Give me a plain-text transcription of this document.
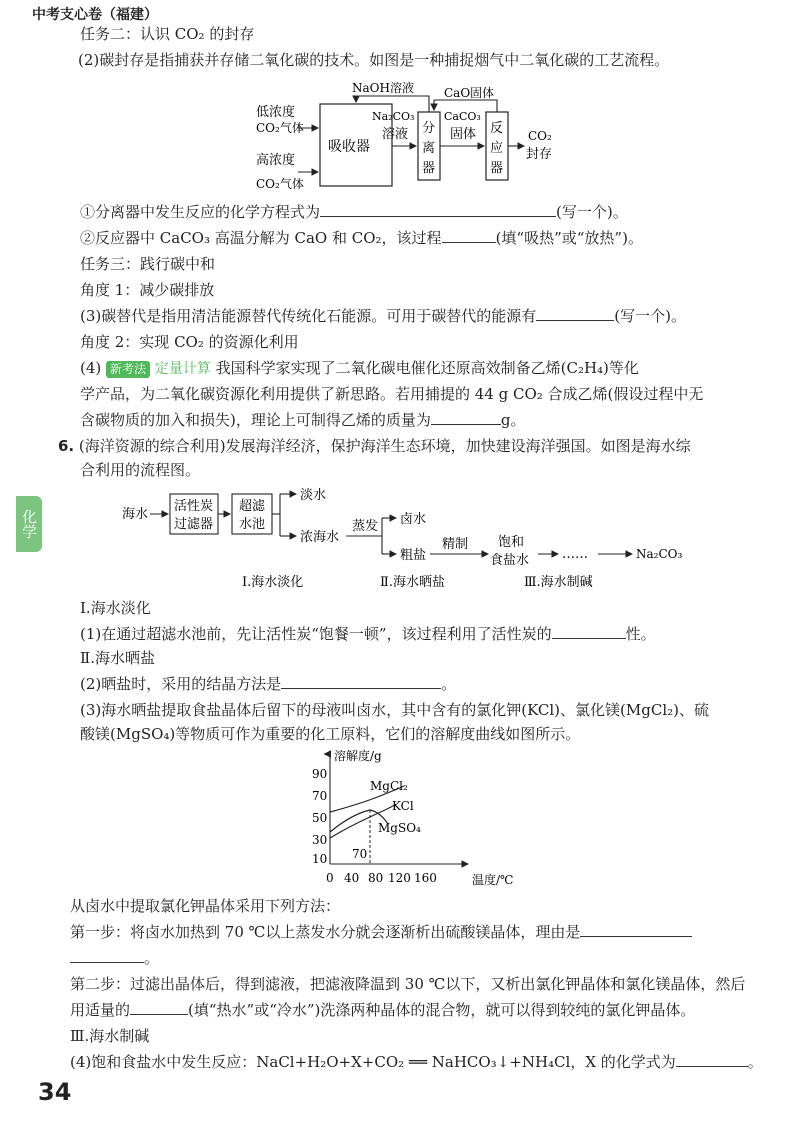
中考支心卷（福建）
任务二：认识 CO₂ 的封存
(2)碳封存是指捕获并存储二氧化碳的技术。如图是一种捕捉烟气中二氧化碳的工艺流程。
NaOH溶液	CaO固体
低浓度
CO₂气体
高浓度
CO₂气体
吸收器
Na₂CO₃
溶液 分
离
器
CaCO₃
固体 反
应
器
CO₂
封存
①分离器中发生反应的化学方程式为	(写一个)。
②反应器中 CaCO₃ 高温分解为 CaO 和 CO₂，该过程	(填“吸热”或“放热”)。
任务三：践行碳中和
角度 1：减少碳排放
(3)碳替代是指用清洁能源替代传统化石能源。可用于碳替代的能源有	(写一个)。
角度 2：实现 CO₂ 的资源化利用
(4) 新考法 定量计算 我国科学家实现了二氧化碳电催化还原高效制备乙烯(C₂H₄)等化
学产品，为二氧化碳资源化利用提供了新思路。若用捕提的 44 g CO₂ 合成乙烯(假设过程中无
含碳物质的加入和损失)，理论上可制得乙烯的质量为	g。
6. (海洋资源的综合利用)发展海洋经济，保护海洋生态环境，加快建设海洋强国。如图是海水综
合利用的流程图。
化学	海水
活性炭
过滤器
超滤
水池
淡水
浓海水
蒸发 卤水
粗盐
精制 饱和
食盐水	……	Na₂CO₃
Ⅰ.海水淡化	Ⅱ.海水晒盐	Ⅲ.海水制碱
Ⅰ.海水淡化
(1)在通过超滤水池前，先让活性炭“饱餐一顿”，该过程利用了活性炭的	性。
Ⅱ.海水晒盐
(2)晒盐时，采用的结晶方法是	。
(3)海水晒盐提取食盐晶体后留下的母液叫卤水，其中含有的氯化钾(KCl)、氯化镁(MgCl₂)、硫
酸镁(MgSO₄)等物质可作为重要的化工原料，它们的溶解度曲线如图所示。
溶解度/g
温度/℃
90
70
50
30
10
0 40 80 120 160
70
MgCl₂
KCl
MgSO₄
从卤水中提取氯化钾晶体采用下列方法：
第一步：将卤水加热到 70 ℃以上蒸发水分就会逐渐析出硫酸镁晶体，理由是
。
第二步：过滤出晶体后，得到滤液，把滤液降温到 30 ℃以下，又析出氯化钾晶体和氯化镁晶体，然后
用适量的	(填“热水”或“冷水”)洗涤两种晶体的混合物，就可以得到较纯的氯化钾晶体。
Ⅲ.海水制碱
(4)饱和食盐水中发生反应：NaCl+H₂O+X+CO₂ ══ NaHCO₃↓+NH₄Cl，X 的化学式为	。
34
